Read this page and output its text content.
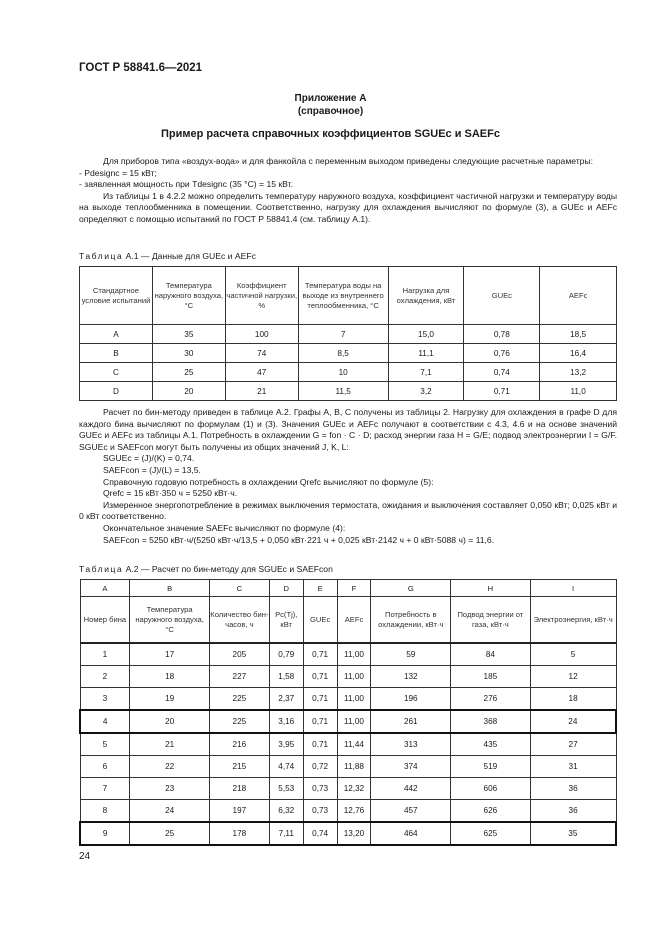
ГОСТ Р 58841.6—2021
Приложение А
(справочное)
Пример расчета справочных коэффициентов SGUEc и SAEFc

Для приборов типа «воздух-вода» и для фанкойла с переменным выходом приведены следующие расчетные параметры:

- Pdesignc = 15 кВт;

- заявленная мощность при Tdesignc (35 °С) = 15 кВт.

Из таблицы 1 в 4.2.2 можно определить температуру наружного воздуха, коэффициент частичной нагрузки и температуру воды на выходе теплообменника в помещении. Соответственно, нагрузку для охлаждения вычисляют по формуле (3), а GUEc и AEFc определяют с помощью испытаний по ГОСТ Р 58841.4 (см. таблицу А.1).

Таблица А.1 — Данные для GUEc и AEFc
Стандартное условие испытаний	Температура наружного воздуха, °С	Коэффициент частичной нагрузки, %	Температура воды на выходе из внутреннего теплообменника, °С	Нагрузка для охлаждения, кВт	GUEc	AEFc
A	35	100	7	15,0	0,78	18,5
B	30	74	8,5	11,1	0,76	16,4
C	25	47	10	7,1	0,74	13,2
D	20	21	11,5	3,2	0,71	11,0

Расчет по бин-методу приведен в таблице А.2. Графы А, В, С получены из таблицы 2. Нагрузку для охлаждения в графе D для каждого бина вычисляют по формулам (1) и (3). Значения GUEc и AEFc получают в соответствии с 4.3, 4.6 и на основе значений GUEc и AEFc из таблицы А.1. Потребность в охлаждении G = fon · C · D; расход энергии газа H = G/E; подвод электроэнергии I = G/F. SGUEc и SAEFcon могут быть получены из общих значений J, K, L:

SGUEc = (J)/(K) = 0,74.

SAEFcon = (J)/(L) = 13,5.

Справочную годовую потребность в охлаждении Qrefc вычисляют по формуле (5):

Qrefc = 15 кВт·350 ч = 5250 кВт·ч.

Измеренное энергопотребление в режимах выключения термостата, ожидания и выключения составляет 0,050 кВт; 0,025 кВт и 0 кВт соответственно.

Окончательное значение SAEFc вычисляют по формуле (4):

SAEFcon = 5250 кВт·ч/(5250 кВт·ч/13,5 + 0,050 кВт·221 ч + 0,025 кВт·2142 ч + 0 кВт·5088 ч) = 11,6.

Таблица А.2 — Расчет по бин-методу для SGUEc и SAEFcon
A	B	C	D	E	F	G	H	I
Номер бина	Температура наружного воздуха, °С	Количество бин-часов, ч	Pc(Tj), кВт	GUEc	AEFc	Потребность в охлаждении, кВт·ч	Подвод энергии от газа, кВт·ч	Электроэнергия, кВт·ч
1	17	205	0,79	0,71	11,00	59	84	5
2	18	227	1,58	0,71	11,00	132	185	12
3	19	225	2,37	0,71	11,00	196	276	18
4	20	225	3,16	0,71	11,00	261	368	24
5	21	216	3,95	0,71	11,44	313	435	27
6	22	215	4,74	0,72	11,88	374	519	31
7	23	218	5,53	0,73	12,32	442	606	36
8	24	197	6,32	0,73	12,76	457	626	36
9	25	178	7,11	0,74	13,20	464	625	35
24
